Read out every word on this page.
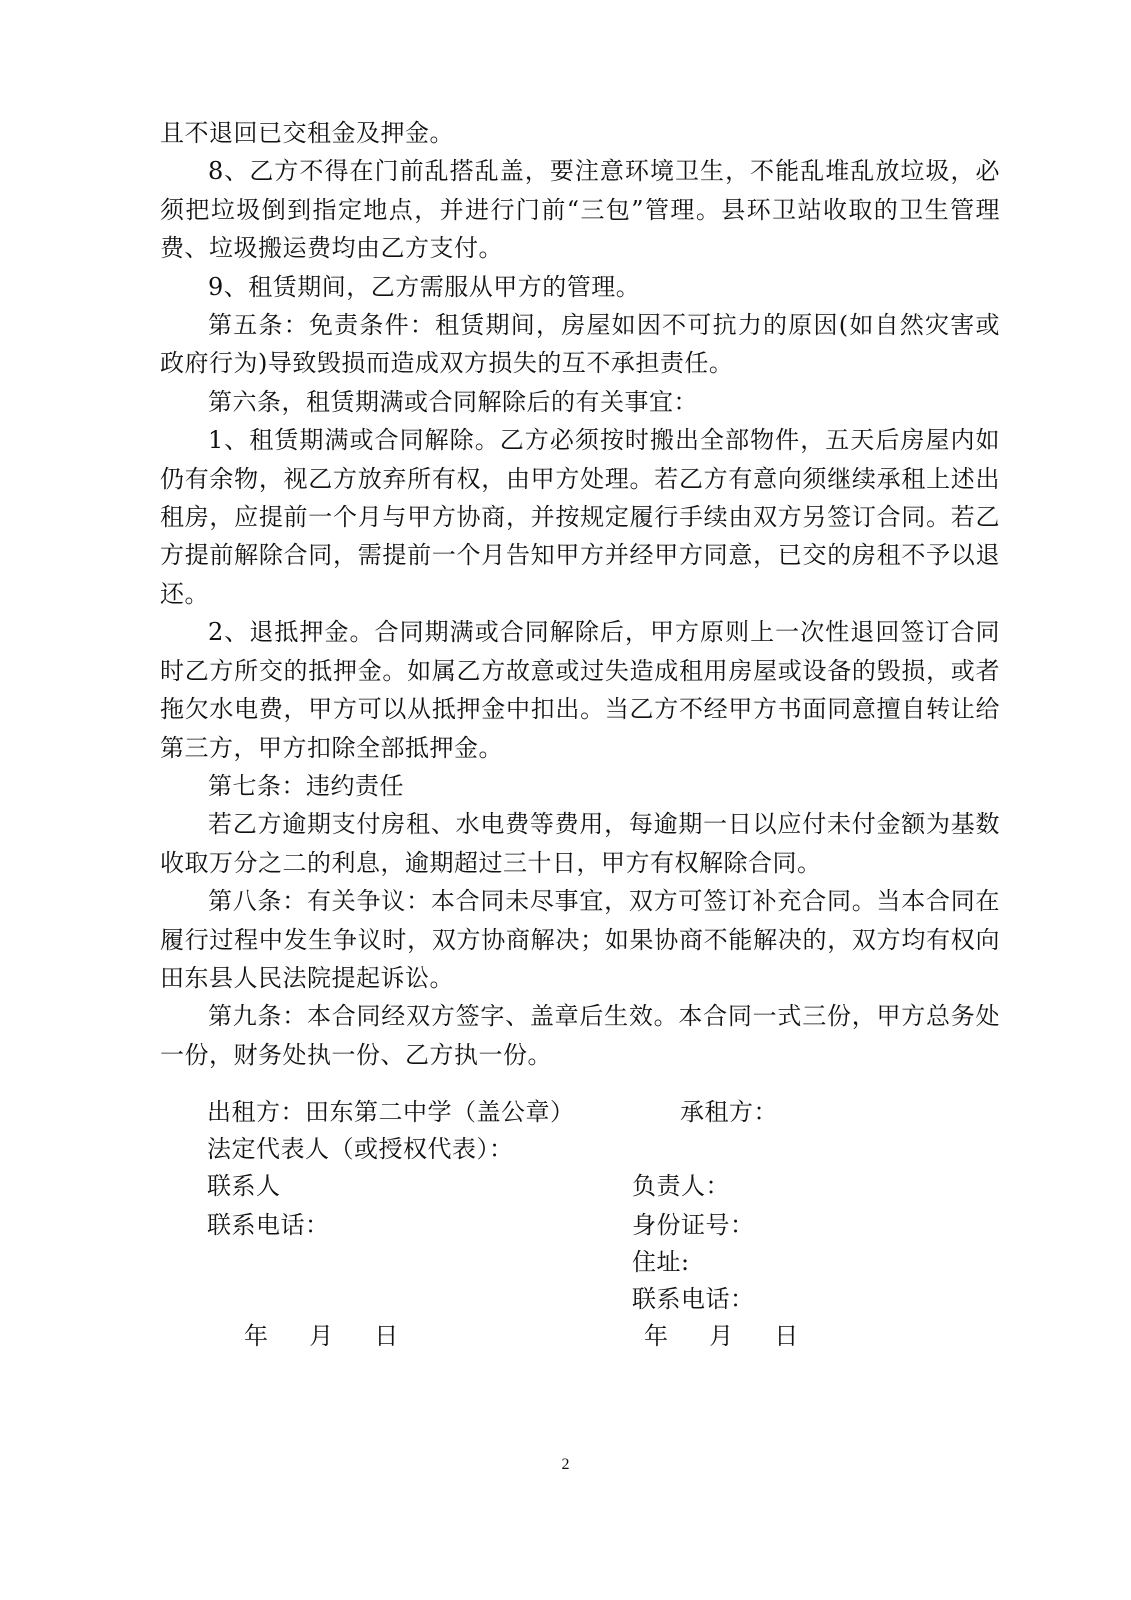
且不退回已交租金及押金。

8、乙方不得在门前乱搭乱盖，要注意环境卫生，不能乱堆乱放垃圾，必须把垃圾倒到指定地点，并进行门前“三包”管理。县环卫站收取的卫生管理费、垃圾搬运费均由乙方支付。

9、租赁期间，乙方需服从甲方的管理。

第五条：免责条件：租赁期间，房屋如因不可抗力的原因(如自然灾害或政府行为)导致毁损而造成双方损失的互不承担责任。

第六条，租赁期满或合同解除后的有关事宜：

1、租赁期满或合同解除。乙方必须按时搬出全部物件，五天后房屋内如仍有余物，视乙方放弃所有权，由甲方处理。若乙方有意向须继续承租上述出租房，应提前一个月与甲方协商，并按规定履行手续由双方另签订合同。若乙方提前解除合同，需提前一个月告知甲方并经甲方同意，已交的房租不予以退还。

2、退抵押金。合同期满或合同解除后，甲方原则上一次性退回签订合同时乙方所交的抵押金。如属乙方故意或过失造成租用房屋或设备的毁损，或者拖欠水电费，甲方可以从抵押金中扣出。当乙方不经甲方书面同意擅自转让给第三方，甲方扣除全部抵押金。

第七条：违约责任

若乙方逾期支付房租、水电费等费用，每逾期一日以应付未付金额为基数收取万分之二的利息，逾期超过三十日，甲方有权解除合同。

第八条：有关争议：本合同未尽事宜，双方可签订补充合同。当本合同在履行过程中发生争议时，双方协商解决；如果协商不能解决的，双方均有权向田东县人民法院提起诉讼。

第九条：本合同经双方签字、盖章后生效。本合同一式三份，甲方总务处一份，财务处执一份、乙方执一份。

出租方：田东第二中学（盖公章）	承租方：
法定代表人（或授权代表）：
联系人	负责人：
联系电话：	身份证号：
住址:
联系电话：
年     月     日	年     月     日
2
